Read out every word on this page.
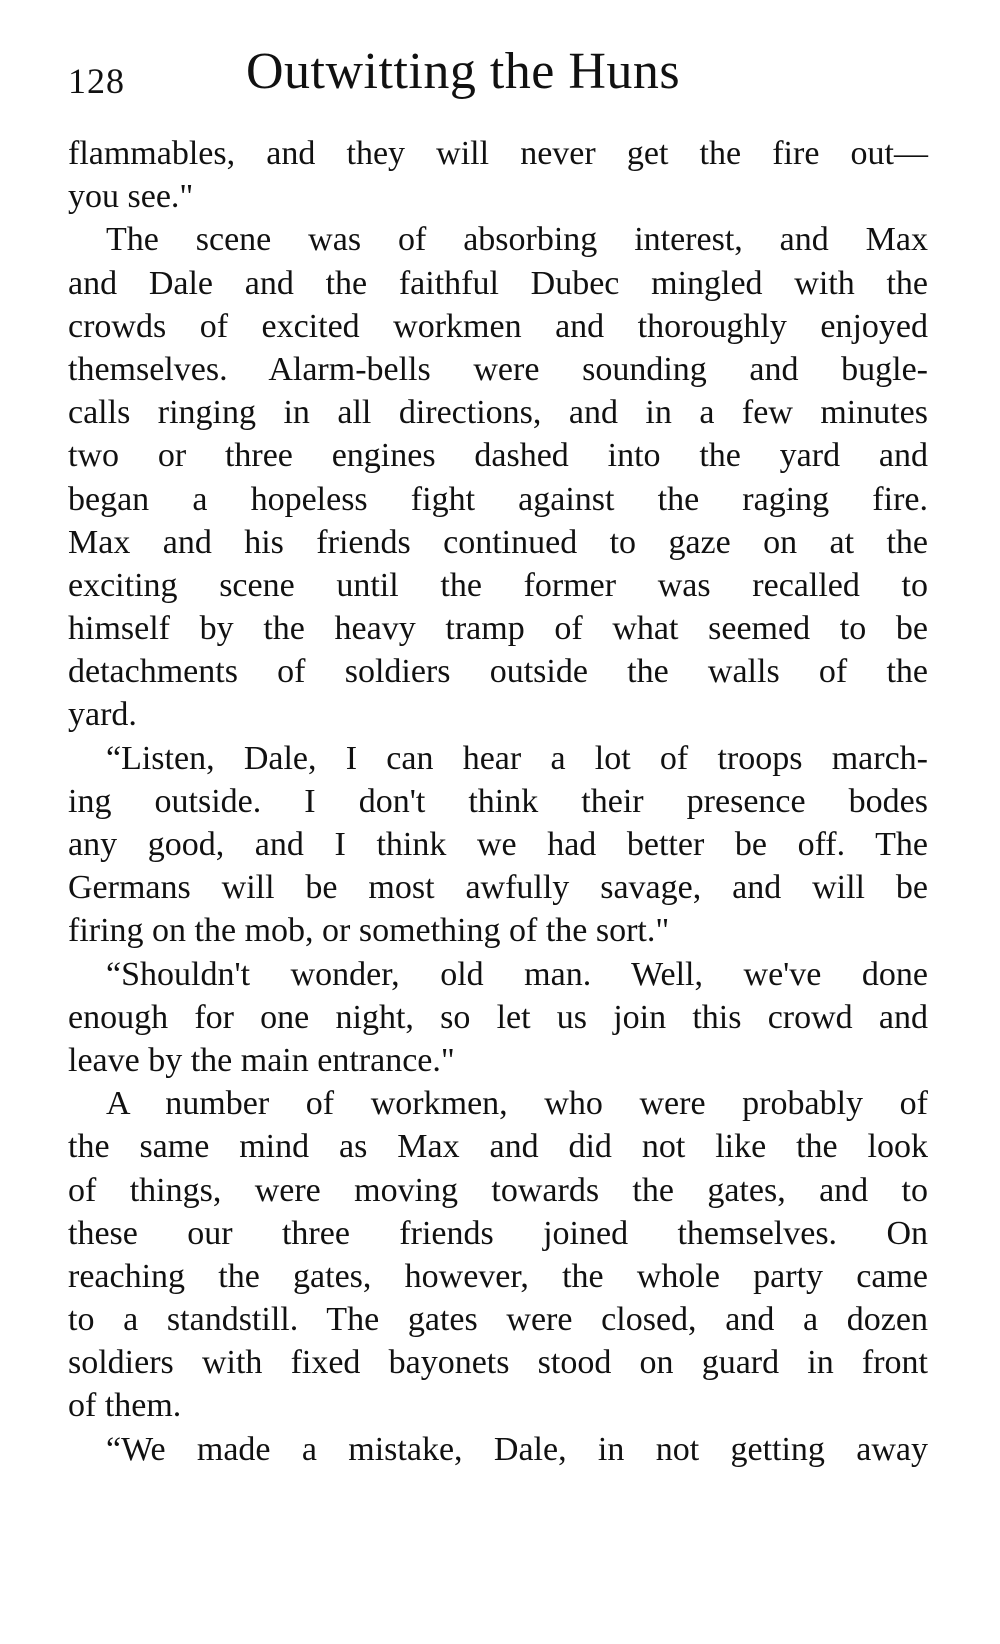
128 Outwitting the Huns
flammables, and they will never get the fire out—
you see."
The scene was of absorbing interest, and Max
and Dale and the faithful Dubec mingled with the
crowds of excited workmen and thoroughly enjoyed
themselves. Alarm-bells were sounding and bugle-
calls ringing in all directions, and in a few minutes
two or three engines dashed into the yard and
began a hopeless fight against the raging fire.
Max and his friends continued to gaze on at the
exciting scene until the former was recalled to
himself by the heavy tramp of what seemed to be
detachments of soldiers outside the walls of the
yard.
“Listen, Dale, I can hear a lot of troops march-
ing outside. I don't think their presence bodes
any good, and I think we had better be off. The
Germans will be most awfully savage, and will be
firing on the mob, or something of the sort."
“Shouldn't wonder, old man. Well, we've done
enough for one night, so let us join this crowd and
leave by the main entrance."
A number of workmen, who were probably of
the same mind as Max and did not like the look
of things, were moving towards the gates, and to
these our three friends joined themselves. On
reaching the gates, however, the whole party came
to a standstill. The gates were closed, and a dozen
soldiers with fixed bayonets stood on guard in front
of them.
“We made a mistake, Dale, in not getting away
